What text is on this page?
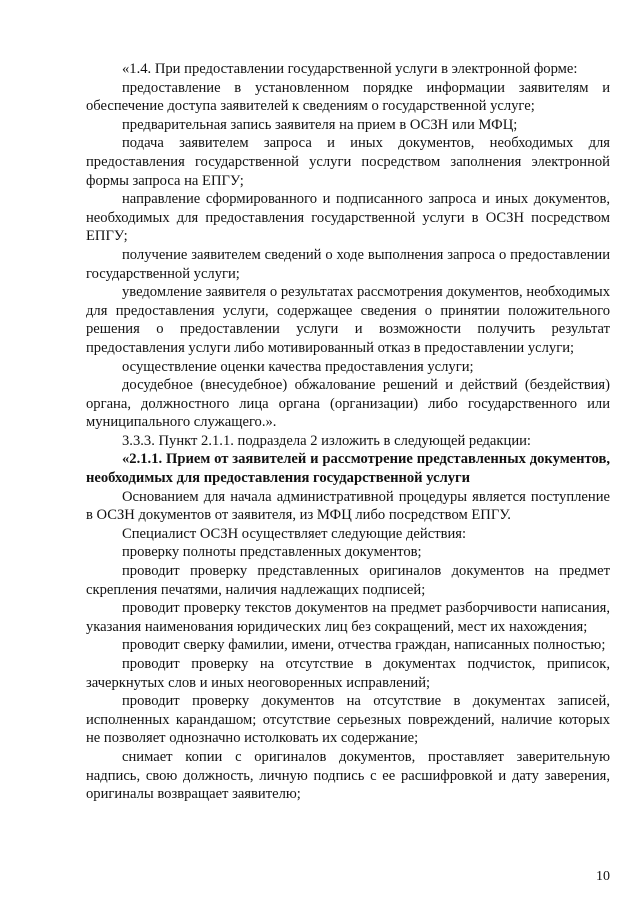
«1.4. При предоставлении государственной услуги в электронной форме:

предоставление в установленном порядке информации заявителям и обеспечение доступа заявителей к сведениям о государственной услуге;

предварительная запись заявителя на прием в ОСЗН или МФЦ;

подача заявителем запроса и иных документов, необходимых для предоставления государственной услуги посредством заполнения электронной формы запроса на ЕПГУ;

направление сформированного и подписанного запроса и иных документов, необходимых для предоставления государственной услуги в ОСЗН посредством ЕПГУ;

получение заявителем сведений о ходе выполнения запроса о предоставлении государственной услуги;

уведомление заявителя о результатах рассмотрения документов, необходимых для предоставления услуги, содержащее сведения о принятии положительного решения о предоставлении услуги и возможности получить результат предоставления услуги либо мотивированный отказ в предоставлении услуги;

осуществление оценки качества предоставления услуги;

досудебное (внесудебное) обжалование решений и действий (бездействия) органа, должностного лица органа (организации) либо государственного или муниципального служащего.».

3.3.3. Пункт 2.1.1. подраздела 2 изложить в следующей редакции:

«2.1.1. Прием от заявителей и рассмотрение представленных документов, необходимых для предоставления государственной услуги

Основанием для начала административной процедуры является поступление в ОСЗН документов от заявителя, из МФЦ либо посредством ЕПГУ.

Специалист ОСЗН осуществляет следующие действия:

проверку полноты представленных документов;

проводит проверку представленных оригиналов документов на предмет скрепления печатями, наличия надлежащих подписей;

проводит проверку текстов документов на предмет разборчивости написания, указания наименования юридических лиц без сокращений, мест их нахождения;

проводит сверку фамилии, имени, отчества граждан, написанных полностью;

проводит проверку на отсутствие в документах подчисток, приписок, зачеркнутых слов и иных неоговоренных исправлений;

проводит проверку документов на отсутствие в документах записей, исполненных карандашом; отсутствие серьезных повреждений, наличие которых не позволяет однозначно истолковать их содержание;

снимает копии с оригиналов документов, проставляет заверительную надпись, свою должность, личную подпись с ее расшифровкой и дату заверения, оригиналы возвращает заявителю;

10
